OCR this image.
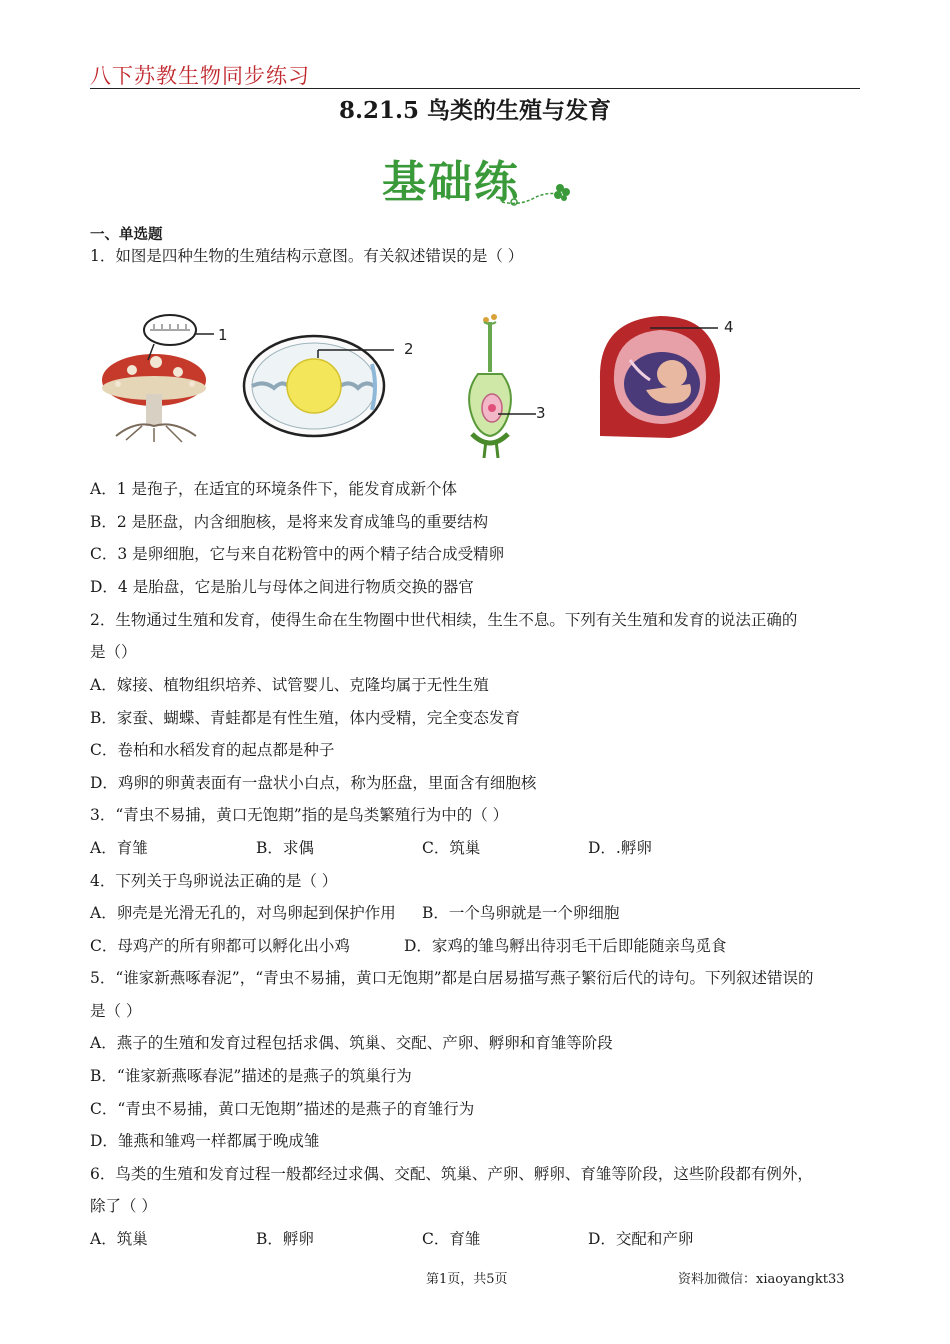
八下苏教生物同步练习
8.21.5 鸟类的生殖与发育
基础练
一、单选题
1．如图是四种生物的生殖结构示意图。有关叙述错误的是（ ）
1
2
3
4
A．1 是孢子，在适宜的环境条件下，能发育成新个体
B．2 是胚盘，内含细胞核，是将来发育成雏鸟的重要结构
C．3 是卵细胞，它与来自花粉管中的两个精子结合成受精卵
D．4 是胎盘，它是胎儿与母体之间进行物质交换的器官
2．生物通过生殖和发育，使得生命在生物圈中世代相续，生生不息。下列有关生殖和发育的说法正确的
是（）
A．嫁接、植物组织培养、试管婴儿、克隆均属于无性生殖
B．家蚕、蝴蝶、青蛙都是有性生殖，体内受精，完全变态发育
C．卷柏和水稻发育的起点都是种子
D．鸡卵的卵黄表面有一盘状小白点，称为胚盘，里面含有细胞核
3．“青虫不易捕，黄口无饱期”指的是鸟类繁殖行为中的（ ）
A．育雏	B．求偶	C．筑巢	D．.孵卵
4．下列关于鸟卵说法正确的是（ ）
A．卵壳是光滑无孔的，对鸟卵起到保护作用 B．一个鸟卵就是一个卵细胞
C．母鸡产的所有卵都可以孵化出小鸡	D．家鸡的雏鸟孵出待羽毛干后即能随亲鸟觅食
5．“谁家新燕啄春泥”，“青虫不易捕，黄口无饱期”都是白居易描写燕子繁衍后代的诗句。下列叙述错误的
是（ ）
A．燕子的生殖和发育过程包括求偶、筑巢、交配、产卵、孵卵和育雏等阶段
B．“谁家新燕啄春泥”描述的是燕子的筑巢行为
C．“青虫不易捕，黄口无饱期”描述的是燕子的育雏行为
D．雏燕和雏鸡一样都属于晚成雏
6．鸟类的生殖和发育过程一般都经过求偶、交配、筑巢、产卵、孵卵、育雏等阶段，这些阶段都有例外，
除了（ ）
A．筑巢	B．孵卵	C．育雏	D．交配和产卵
第1页，共5页	资料加微信：xiaoyangkt33
